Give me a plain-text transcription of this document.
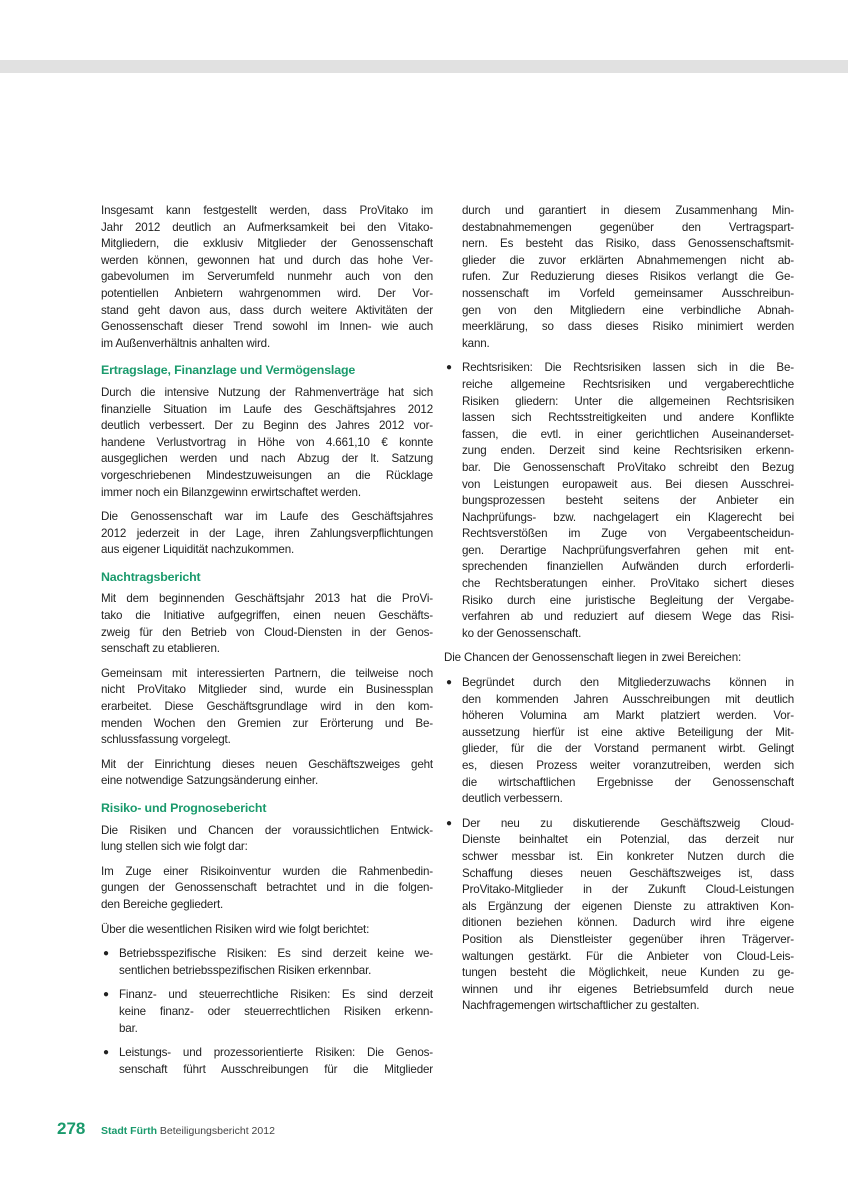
Insgesamt kann festgestellt werden, dass ProVitako im
Jahr 2012 deutlich an Aufmerksamkeit bei den Vitako-
Mitgliedern, die exklusiv Mitglieder der Genossenschaft
werden können, gewonnen hat und durch das hohe Ver-
gabevolumen im Serverumfeld nunmehr auch von den
potentiellen Anbietern wahrgenommen wird. Der Vor-
stand geht davon aus, dass durch weitere Aktivitäten der
Genossenschaft dieser Trend sowohl im Innen- wie auch
im Außenverhältnis anhalten wird.
Ertragslage, Finanzlage und Vermögenslage
Durch die intensive Nutzung der Rahmenverträge hat sich
finanzielle Situation im Laufe des Geschäftsjahres 2012
deutlich verbessert. Der zu Beginn des Jahres 2012 vor-
handene Verlustvortrag in Höhe von 4.661,10 € konnte
ausgeglichen werden und nach Abzug der lt. Satzung
vorgeschriebenen Mindestzuweisungen an die Rücklage
immer noch ein Bilanzgewinn erwirtschaftet werden.
Die Genossenschaft war im Laufe des Geschäftsjahres
2012 jederzeit in der Lage, ihren Zahlungsverpflichtungen
aus eigener Liquidität nachzukommen.
Nachtragsbericht
Mit dem beginnenden Geschäftsjahr 2013 hat die ProVi-
tako die Initiative aufgegriffen, einen neuen Geschäfts-
zweig für den Betrieb von Cloud-Diensten in der Genos-
senschaft zu etablieren.
Gemeinsam mit interessierten Partnern, die teilweise noch
nicht ProVitako Mitglieder sind, wurde ein Businessplan
erarbeitet. Diese Geschäftsgrundlage wird in den kom-
menden Wochen den Gremien zur Erörterung und Be-
schlussfassung vorgelegt.
Mit der Einrichtung dieses neuen Geschäftszweiges geht
eine notwendige Satzungsänderung einher.
Risiko- und Prognosebericht
Die Risiken und Chancen der voraussichtlichen Entwick-
lung stellen sich wie folgt dar:
Im Zuge einer Risikoinventur wurden die Rahmenbedin-
gungen der Genossenschaft betrachtet und in die folgen-
den Bereiche gegliedert.
Über die wesentlichen Risiken wird wie folgt berichtet:
● Betriebsspezifische Risiken: Es sind derzeit keine we-
sentlichen betriebsspezifischen Risiken erkennbar.
● Finanz- und steuerrechtliche Risiken: Es sind derzeit
keine finanz- oder steuerrechtlichen Risiken erkenn-
bar.
● Leistungs- und prozessorientierte Risiken: Die Genos-
senschaft führt Ausschreibungen für die Mitglieder
durch und garantiert in diesem Zusammenhang Min-
destabnahmemengen gegenüber den Vertragspart-
nern. Es besteht das Risiko, dass Genossenschaftsmit-
glieder die zuvor erklärten Abnahmemengen nicht ab-
rufen. Zur Reduzierung dieses Risikos verlangt die Ge-
nossenschaft im Vorfeld gemeinsamer Ausschreibun-
gen von den Mitgliedern eine verbindliche Abnah-
meerklärung, so dass dieses Risiko minimiert werden
kann.
● Rechtsrisiken: Die Rechtsrisiken lassen sich in die Be-
reiche allgemeine Rechtsrisiken und vergaberechtliche
Risiken gliedern: Unter die allgemeinen Rechtsrisiken
lassen sich Rechtsstreitigkeiten und andere Konflikte
fassen, die evtl. in einer gerichtlichen Auseinanderset-
zung enden. Derzeit sind keine Rechtsrisiken erkenn-
bar. Die Genossenschaft ProVitako schreibt den Bezug
von Leistungen europaweit aus. Bei diesen Ausschrei-
bungsprozessen besteht seitens der Anbieter ein
Nachprüfungs- bzw. nachgelagert ein Klagerecht bei
Rechtsverstößen im Zuge von Vergabeentscheidun-
gen. Derartige Nachprüfungsverfahren gehen mit ent-
sprechenden finanziellen Aufwänden durch erforderli-
che Rechtsberatungen einher. ProVitako sichert dieses
Risiko durch eine juristische Begleitung der Vergabe-
verfahren ab und reduziert auf diesem Wege das Risi-
ko der Genossenschaft.
Die Chancen der Genossenschaft liegen in zwei Bereichen:
● Begründet durch den Mitgliederzuwachs können in
den kommenden Jahren Ausschreibungen mit deutlich
höheren Volumina am Markt platziert werden. Vor-
aussetzung hierfür ist eine aktive Beteiligung der Mit-
glieder, für die der Vorstand permanent wirbt. Gelingt
es, diesen Prozess weiter voranzutreiben, werden sich
die wirtschaftlichen Ergebnisse der Genossenschaft
deutlich verbessern.
● Der neu zu diskutierende Geschäftszweig Cloud-
Dienste beinhaltet ein Potenzial, das derzeit nur
schwer messbar ist. Ein konkreter Nutzen durch die
Schaffung dieses neuen Geschäftszweiges ist, dass
ProVitako-Mitglieder in der Zukunft Cloud-Leistungen
als Ergänzung der eigenen Dienste zu attraktiven Kon-
ditionen beziehen können. Dadurch wird ihre eigene
Position als Dienstleister gegenüber ihren Trägerver-
waltungen gestärkt. Für die Anbieter von Cloud-Leis-
tungen besteht die Möglichkeit, neue Kunden zu ge-
winnen und ihr eigenes Betriebsumfeld durch neue
Nachfragemengen wirtschaftlicher zu gestalten.
278 Stadt Fürth Beteiligungsbericht 2012
